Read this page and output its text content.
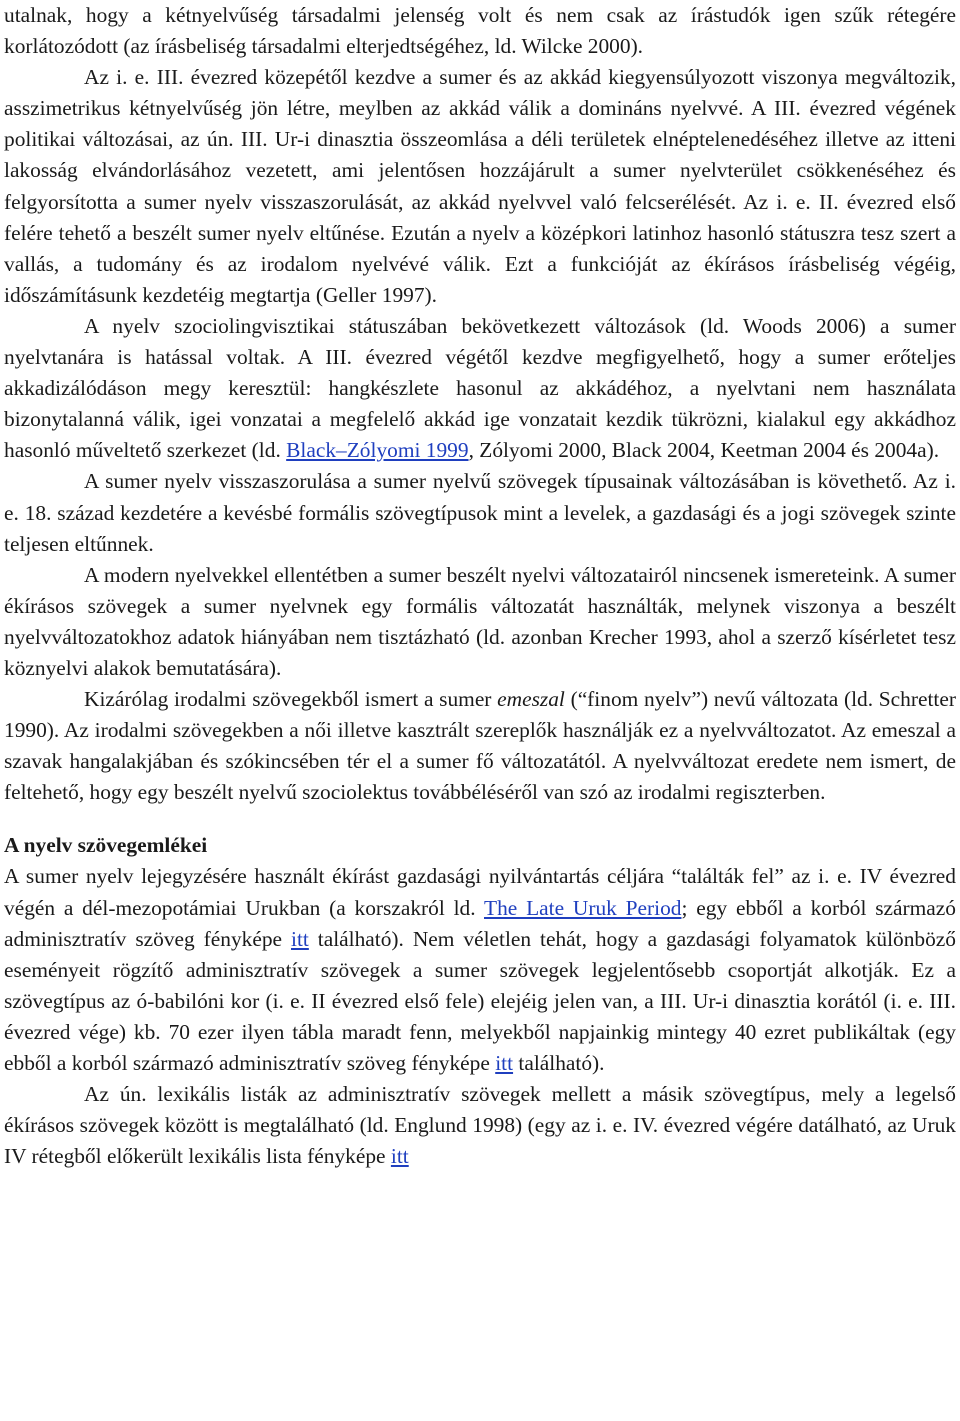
utalnak, hogy a kétnyelvűség társadalmi jelenség volt és nem csak az írástudók igen szűk rétegére korlátozódott (az írásbeliség társadalmi elterjedtségéhez, ld. Wilcke 2000).

Az i. e. III. évezred közepétől kezdve a sumer és az akkád kiegyensúlyozott viszonya megváltozik, asszimetrikus kétnyelvűség jön létre, meylben az akkád válik a domináns nyelvvé. A III. évezred végének politikai változásai, az ún. III. Ur-i dinasztia összeomlása a déli területek elnéptelenedéséhez illetve az itteni lakosság elvándorlásához vezetett, ami jelentősen hozzájárult a sumer nyelvterület csökkenéséhez és felgyorsította a sumer nyelv visszaszorulását, az akkád nyelvvel való felcserélését. Az i. e. II. évezred első felére tehető a beszélt sumer nyelv eltűnése. Ezután a nyelv a középkori latinhoz hasonló státuszra tesz szert a vallás, a tudomány és az irodalom nyelvévé válik. Ezt a funkcióját az ékírásos írásbeliség végéig, időszámításunk kezdetéig megtartja (Geller 1997).

A nyelv szociolingvisztikai státuszában bekövetkezett változások (ld. Woods 2006) a sumer nyelvtanára is hatással voltak. A III. évezred végétől kezdve megfigyelhető, hogy a sumer erőteljes akkadizálódáson megy keresztül: hangkészlete hasonul az akkádéhoz, a nyelvtani nem használata bizonytalanná válik, igei vonzatai a megfelelő akkád ige vonzatait kezdik tükrözni, kialakul egy akkádhoz hasonló műveltető szerkezet (ld. Black–Zólyomi 1999, Zólyomi 2000, Black 2004, Keetman 2004 és 2004a).

A sumer nyelv visszaszorulása a sumer nyelvű szövegek típusainak változásában is követhető. Az i. e. 18. század kezdetére a kevésbé formális szövegtípusok mint a levelek, a gazdasági és a jogi szövegek szinte teljesen eltűnnek.

A modern nyelvekkel ellentétben a sumer beszélt nyelvi változatairól nincsenek ismereteink. A sumer ékírásos szövegek a sumer nyelvnek egy formális változatát használták, melynek viszonya a beszélt nyelvváltozatokhoz adatok hiányában nem tisztázható (ld. azonban Krecher 1993, ahol a szerző kísérletet tesz köznyelvi alakok bemutatására).

Kizárólag irodalmi szövegekből ismert a sumer emeszal (“finom nyelv”) nevű változata (ld. Schretter 1990). Az irodalmi szövegekben a női illetve kasztrált szereplők használják ez a nyelvváltozatot. Az emeszal a szavak hangalakjában és szókincsében tér el a sumer fő változatától. A nyelvváltozat eredete nem ismert, de feltehető, hogy egy beszélt nyelvű szociolektus továbbéléséről van szó az irodalmi regiszterben.

A nyelv szövegemlékei

A sumer nyelv lejegyzésére használt ékírást gazdasági nyilvántartás céljára “találták fel” az i. e. IV évezred végén a dél-mezopotámiai Urukban (a korszakról ld. The Late Uruk Period; egy ebből a korból származó adminisztratív szöveg fényképe itt található). Nem véletlen tehát, hogy a gazdasági folyamatok különböző eseményeit rögzítő adminisztratív szövegek a sumer szövegek legjelentősebb csoportját alkotják. Ez a szövegtípus az ó-babilóni kor (i. e. II évezred első fele) elejéig jelen van, a III. Ur-i dinasztia korától (i. e. III. évezred vége) kb. 70 ezer ilyen tábla maradt fenn, melyekből napjainkig mintegy 40 ezret publikáltak (egy ebből a korból származó adminisztratív szöveg fényképe itt található).

Az ún. lexikális listák az adminisztratív szövegek mellett a másik szövegtípus, mely a legelső ékírásos szövegek között is megtalálható (ld. Englund 1998) (egy az i. e. IV. évezred végére datálható, az Uruk IV rétegből előkerült lexikális lista fényképe itt
